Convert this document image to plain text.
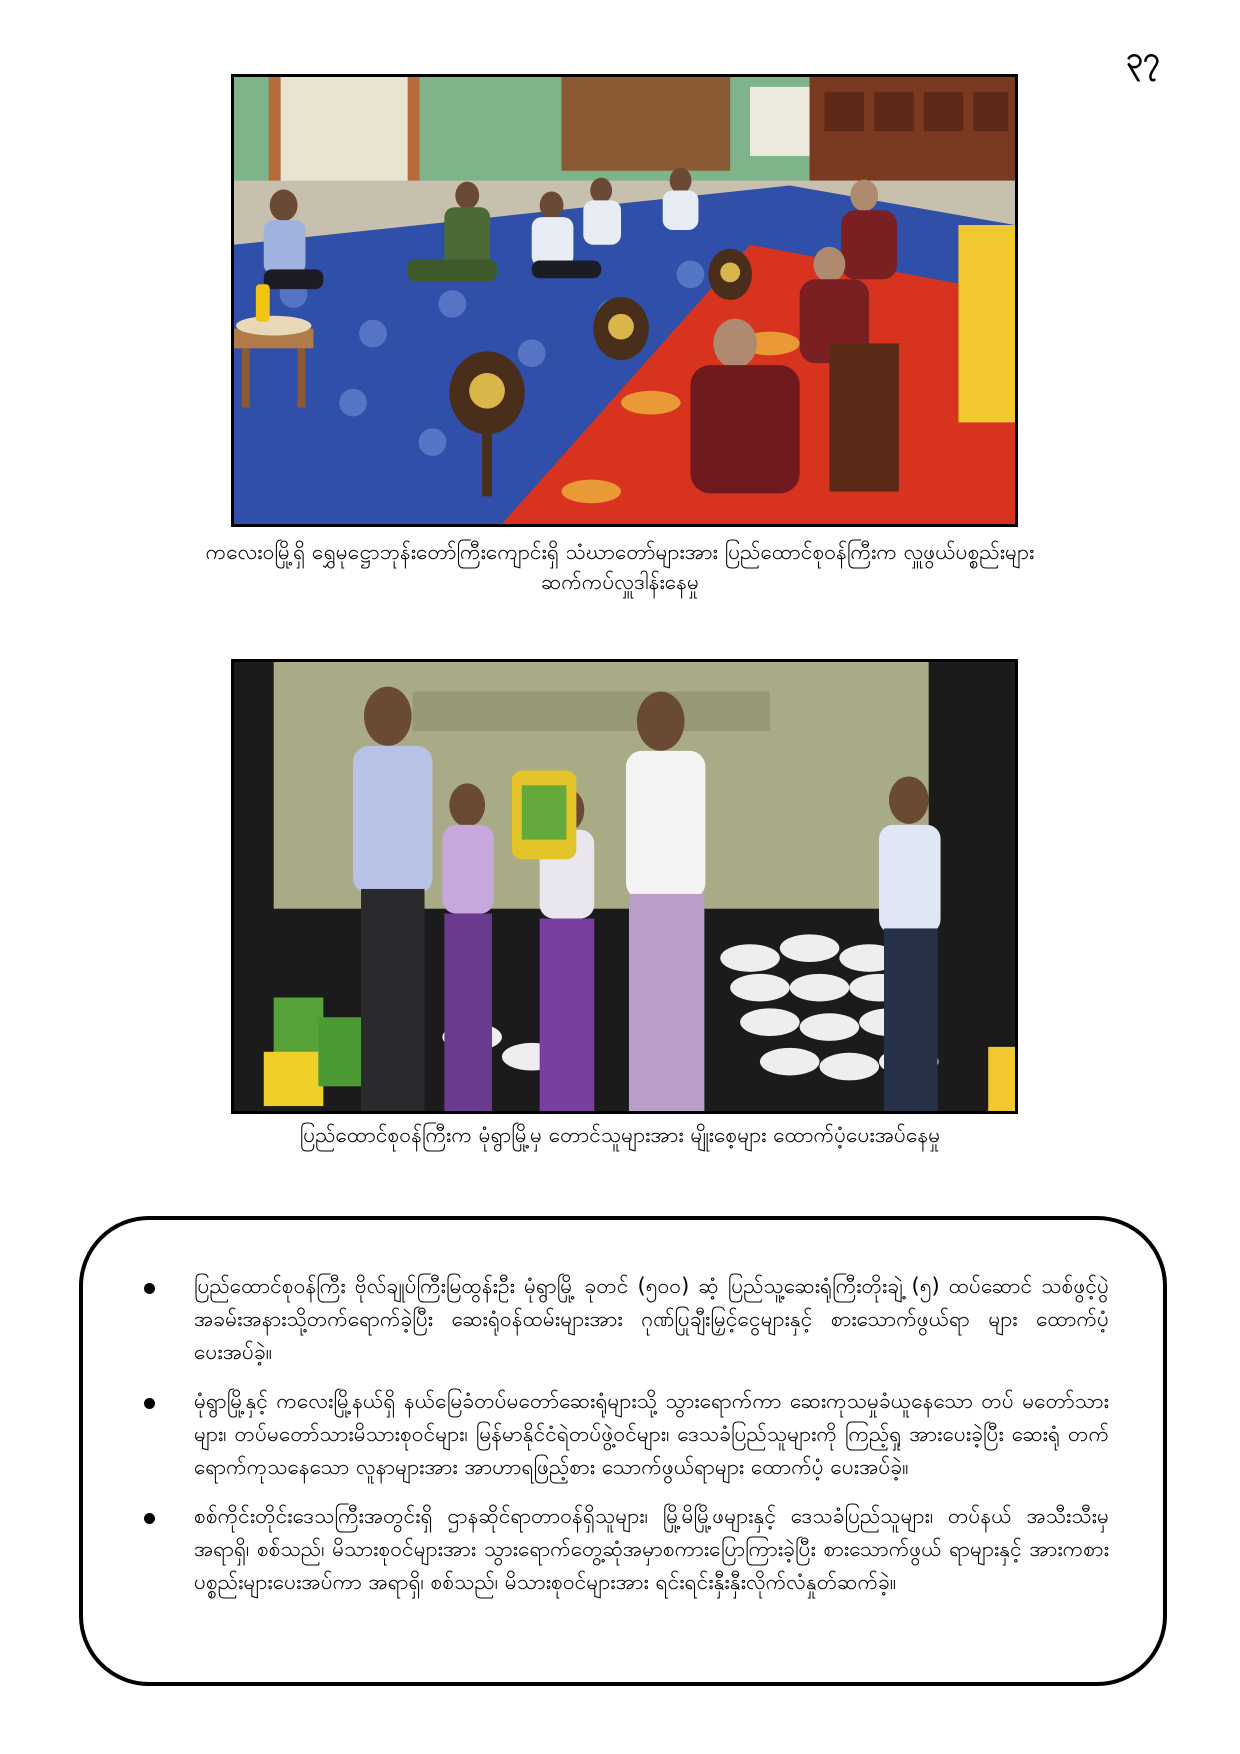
၃၇
ကလေးဝမြို့ရှိ ရွှေမုဋ္ဌောဘုန်းတော်ကြီးကျောင်းရှိ သံဃာတော်များအား ပြည်ထောင်စုဝန်ကြီးက လှူဖွယ်ပစ္စည်းများ
ဆက်ကပ်လှူဒါန်းနေမှု
ပြည်ထောင်စုဝန်ကြီးက မုံရွာမြို့မှ တောင်သူများအား မျိုးစေ့များ ထောက်ပံ့ပေးအပ်နေမှု
ပြည်ထောင်စုဝန်ကြီး ဗိုလ်ချုပ်ကြီးမြထွန်းဦး မုံရွာမြို့ ခုတင် (၅၀၀) ဆံ့ ပြည်သူ့ဆေးရုံကြီးတိုးချဲ့ (၅) ထပ်ဆောင် သစ်ဖွင့်ပွဲ အခမ်းအနားသို့တက်ရောက်ခဲ့ပြီး ဆေးရုံဝန်ထမ်းများအား ဂုဏ်ပြုချီးမြှင့်ငွေများနှင့် စားသောက်ဖွယ်ရာ များ ထောက်ပံ့ပေးအပ်ခဲ့။
မုံရွာမြို့နှင့် ကလေးမြို့နယ်ရှိ နယ်မြေခံတပ်မတော်ဆေးရုံများသို့ သွားရောက်ကာ ဆေးကုသမှုခံယူနေသော တပ် မတော်သားများ၊ တပ်မတော်သားမိသားစုဝင်များ၊ မြန်မာနိုင်ငံရဲတပ်ဖွဲ့ဝင်များ၊ ဒေသခံပြည်သူများကို ကြည့်ရှု အားပေးခဲ့ပြီး ဆေးရုံ တက်ရောက်ကုသနေသော လူနာများအား အာဟာရဖြည့်စား သောက်ဖွယ်ရာများ ထောက်ပံ့ ပေးအပ်ခဲ့။
စစ်ကိုင်းတိုင်းဒေသကြီးအတွင်းရှိ ဌာနဆိုင်ရာတာဝန်ရှိသူများ၊ မြို့မိမြို့ဖများနှင့် ဒေသခံပြည်သူများ၊ တပ်နယ် အသီးသီးမှ အရာရှိ၊ စစ်သည်၊ မိသားစုဝင်များအား သွားရောက်တွေ့ဆုံအမှာစကားပြောကြားခဲ့ပြီး စားသောက်ဖွယ် ရာများနှင့် အားကစားပစ္စည်းများပေးအပ်ကာ အရာရှိ၊ စစ်သည်၊ မိသားစုဝင်များအား ရင်းရင်းနှီးနှီးလိုက်လံနှုတ်ဆက်ခဲ့။
